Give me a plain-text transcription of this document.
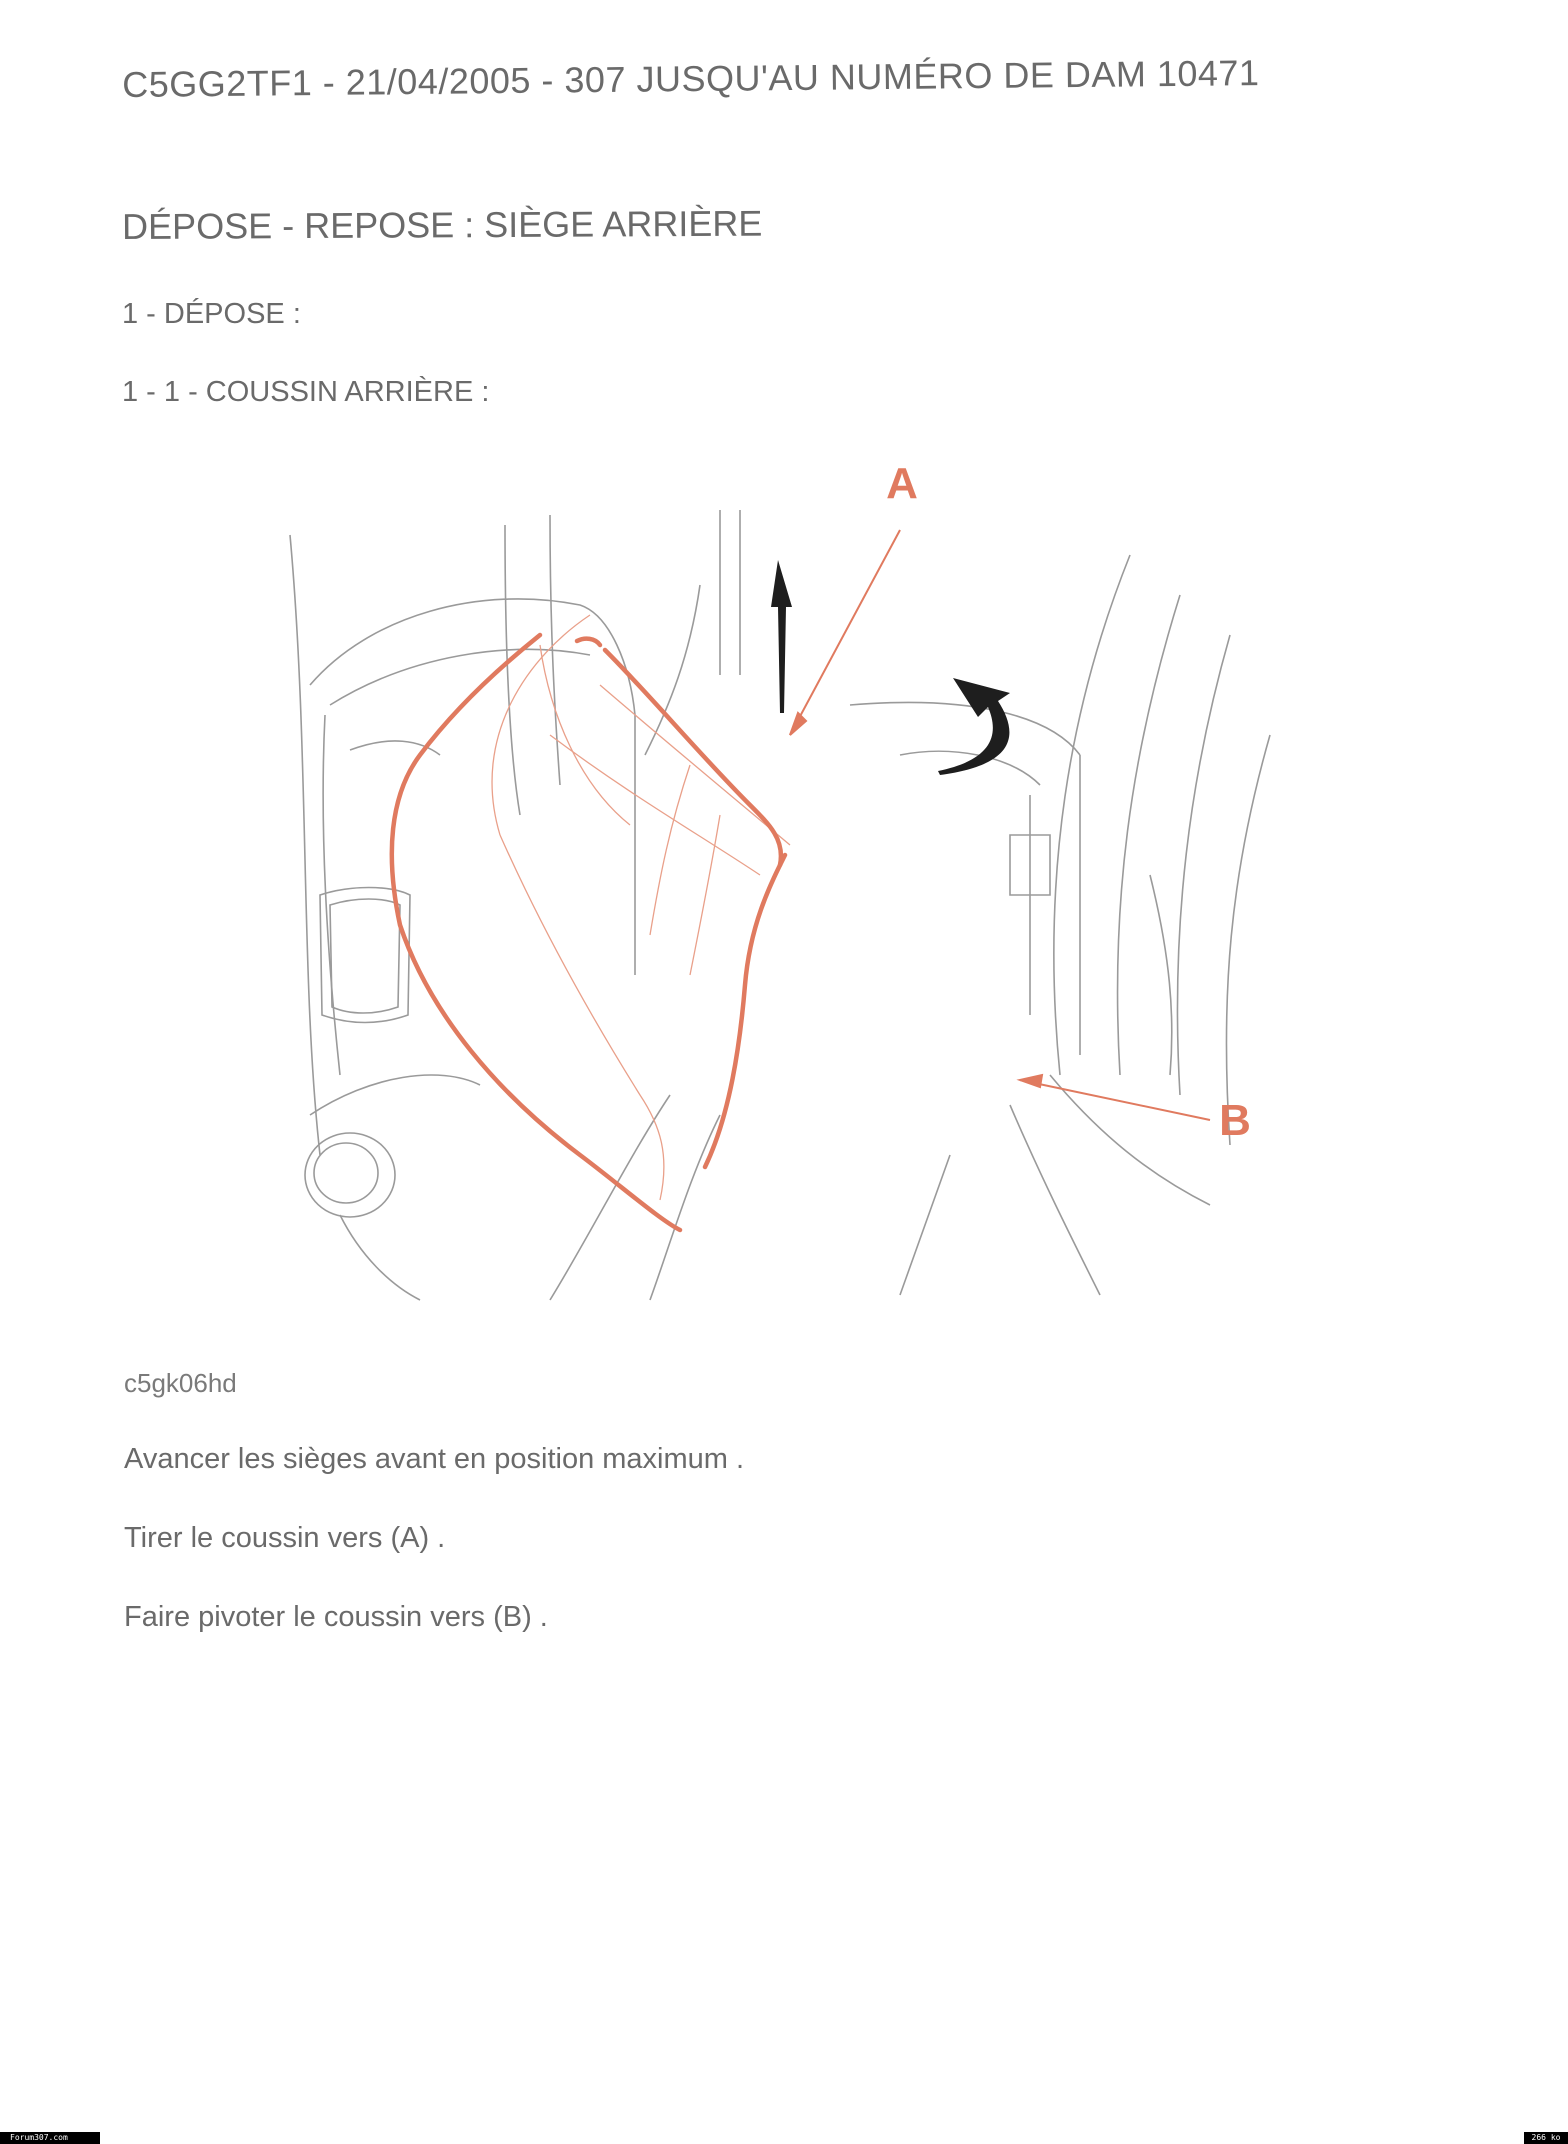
C5GG2TF1 - 21/04/2005 - 307 JUSQU'AU NUMÉRO DE DAM 10471
DÉPOSE - REPOSE : SIÈGE ARRIÈRE
1 - DÉPOSE :
1 - 1 - COUSSIN ARRIÈRE :
A
B
c5gk06hd
Avancer les sièges avant en position maximum .
Tirer le coussin vers (A) .
Faire pivoter le coussin vers (B) .
Forum307.com	266 ko
